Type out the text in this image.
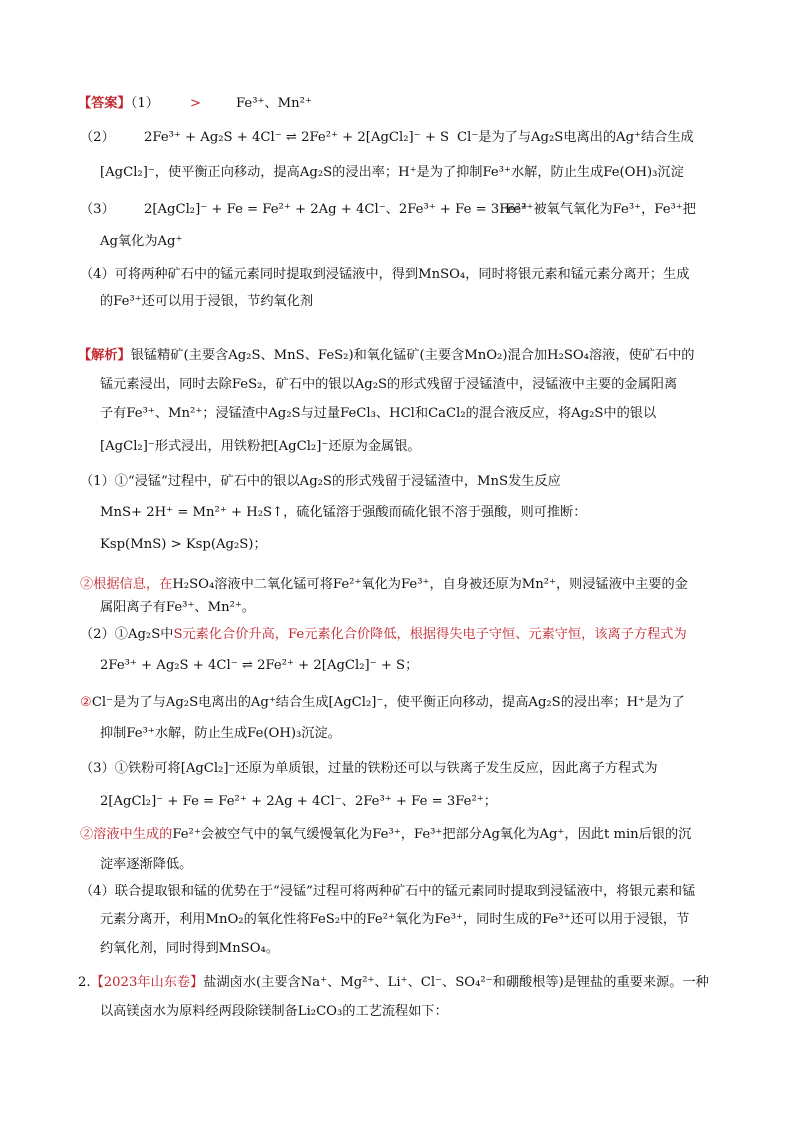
【答案】（1） >	Fe³⁺、Mn²⁺
（2） 2Fe³⁺ + Ag₂S + 4Cl⁻ ⇌ 2Fe²⁺ + 2[AgCl₂]⁻ + S Cl⁻是为了与Ag₂S电离出的Ag⁺结合生成
[AgCl₂]⁻，使平衡正向移动，提高Ag₂S的浸出率；H⁺是为了抑制Fe³⁺水解，防止生成Fe(OH)₃沉淀
（3） 2[AgCl₂]⁻ + Fe = Fe²⁺ + 2Ag + 4Cl⁻、2Fe³⁺ + Fe = 3Fe²⁺
Fe²⁺被氧气氧化为Fe³⁺，Fe³⁺把
Ag氧化为Ag⁺
（4）可将两种矿石中的锰元素同时提取到浸锰液中，得到MnSO₄，同时将银元素和锰元素分离开；生成
的Fe³⁺还可以用于浸银，节约氧化剂
【解析】银锰精矿(主要含Ag₂S、MnS、FeS₂)和氧化锰矿(主要含MnO₂)混合加H₂SO₄溶液，使矿石中的
锰元素浸出，同时去除FeS₂，矿石中的银以Ag₂S的形式残留于浸锰渣中，浸锰液中主要的金属阳离
子有Fe³⁺、Mn²⁺；浸锰渣中Ag₂S与过量FeCl₃、HCl和CaCl₂的混合液反应，将Ag₂S中的银以
[AgCl₂]⁻形式浸出，用铁粉把[AgCl₂]⁻还原为金属银。
（1）①“浸锰”过程中，矿石中的银以Ag₂S的形式残留于浸锰渣中，MnS发生反应
MnS+ 2H⁺ = Mn²⁺ + H₂S↑，硫化锰溶于强酸而硫化银不溶于强酸，则可推断：
Ksp(MnS) > Ksp(Ag₂S)；
②根据信息，在H₂SO₄溶液中二氧化锰可将Fe²⁺氧化为Fe³⁺，自身被还原为Mn²⁺，则浸锰液中主要的金
属阳离子有Fe³⁺、Mn²⁺。
（2）①Ag₂S中S元素化合价升高，Fe元素化合价降低，根据得失电子守恒、元素守恒，该离子方程式为
2Fe³⁺ + Ag₂S + 4Cl⁻ ⇌ 2Fe²⁺ + 2[AgCl₂]⁻ + S；
②Cl⁻是为了与Ag₂S电离出的Ag⁺结合生成[AgCl₂]⁻，使平衡正向移动，提高Ag₂S的浸出率；H⁺是为了
抑制Fe³⁺水解，防止生成Fe(OH)₃沉淀。
（3）①铁粉可将[AgCl₂]⁻还原为单质银，过量的铁粉还可以与铁离子发生反应，因此离子方程式为
2[AgCl₂]⁻ + Fe = Fe²⁺ + 2Ag + 4Cl⁻、2Fe³⁺ + Fe = 3Fe²⁺；
②溶液中生成的Fe²⁺会被空气中的氧气缓慢氧化为Fe³⁺，Fe³⁺把部分Ag氧化为Ag⁺，因此t min后银的沉
淀率逐渐降低。
（4）联合提取银和锰的优势在于“浸锰”过程可将两种矿石中的锰元素同时提取到浸锰液中，将银元素和锰
元素分离开，利用MnO₂的氧化性将FeS₂中的Fe²⁺氧化为Fe³⁺，同时生成的Fe³⁺还可以用于浸银，节
约氧化剂，同时得到MnSO₄。
2.【2023年山东卷】盐湖卤水(主要含Na⁺、Mg²⁺、Li⁺、Cl⁻、SO₄²⁻和硼酸根等)是锂盐的重要来源。一种
以高镁卤水为原料经两段除镁制备Li₂CO₃的工艺流程如下：
